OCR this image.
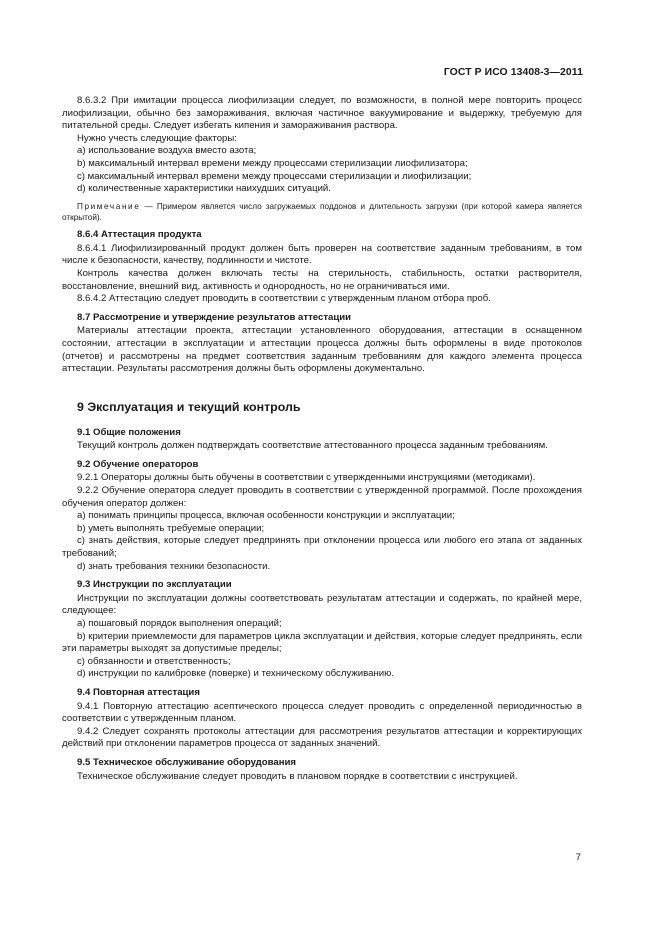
ГОСТ Р ИСО 13408-3—2011

8.6.3.2 При имитации процесса лиофилизации следует, по возможности, в полной мере повторить процесс лиофилизации, обычно без замораживания, включая частичное вакуумирование и выдержку, требуемую для питательной среды. Следует избегать кипения и замораживания раствора.

Нужно учесть следующие факторы:

a) использование воздуха вместо азота;

b) максимальный интервал времени между процессами стерилизации лиофилизатора;

c) максимальный интервал времени между процессами стерилизации и лиофилизации;

d) количественные характеристики наихудших ситуаций.

Примечание — Примером является число загружаемых поддонов и длительность загрузки (при которой камера является открытой).

8.6.4 Аттестация продукта

8.6.4.1 Лиофилизированный продукт должен быть проверен на соответствие заданным требованиям, в том числе к безопасности, качеству, подлинности и чистоте.

Контроль качества должен включать тесты на стерильность, стабильность, остатки растворителя, восстановление, внешний вид, активность и однородность, но не ограничиваться ими.

8.6.4.2 Аттестацию следует проводить в соответствии с утвержденным планом отбора проб.

8.7 Рассмотрение и утверждение результатов аттестации

Материалы аттестации проекта, аттестации установленного оборудования, аттестации в оснащенном состоянии, аттестации в эксплуатации и аттестации процесса должны быть оформлены в виде протоколов (отчетов) и рассмотрены на предмет соответствия заданным требованиям для каждого элемента процесса аттестации. Результаты рассмотрения должны быть оформлены документально.

9 Эксплуатация и текущий контроль

9.1 Общие положения

Текущий контроль должен подтверждать соответствие аттестованного процесса заданным требованиям.

9.2 Обучение операторов

9.2.1 Операторы должны быть обучены в соответствии с утвержденными инструкциями (методиками).

9.2.2 Обучение оператора следует проводить в соответствии с утвержденной программой. После прохождения обучения оператор должен:

a) понимать принципы процесса, включая особенности конструкции и эксплуатации;

b) уметь выполнять требуемые операции;

c) знать действия, которые следует предпринять при отклонении процесса или любого его этапа от заданных требований;

d) знать требования техники безопасности.

9.3 Инструкции по эксплуатации

Инструкции по эксплуатации должны соответствовать результатам аттестации и содержать, по крайней мере, следующее:

a) пошаговый порядок выполнения операций;

b) критерии приемлемости для параметров цикла эксплуатации и действия, которые следует предпринять, если эти параметры выходят за допустимые пределы;

c) обязанности и ответственность;

d) инструкции по калибровке (поверке) и техническому обслуживанию.

9.4 Повторная аттестация

9.4.1 Повторную аттестацию асептического процесса следует проводить с определенной периодичностью в соответствии с утвержденным планом.

9.4.2 Следует сохранять протоколы аттестации для рассмотрения результатов аттестации и корректирующих действий при отклонении параметров процесса от заданных значений.

9.5 Техническое обслуживание оборудования

Техническое обслуживание следует проводить в плановом порядке в соответствии с инструкцией.

7
